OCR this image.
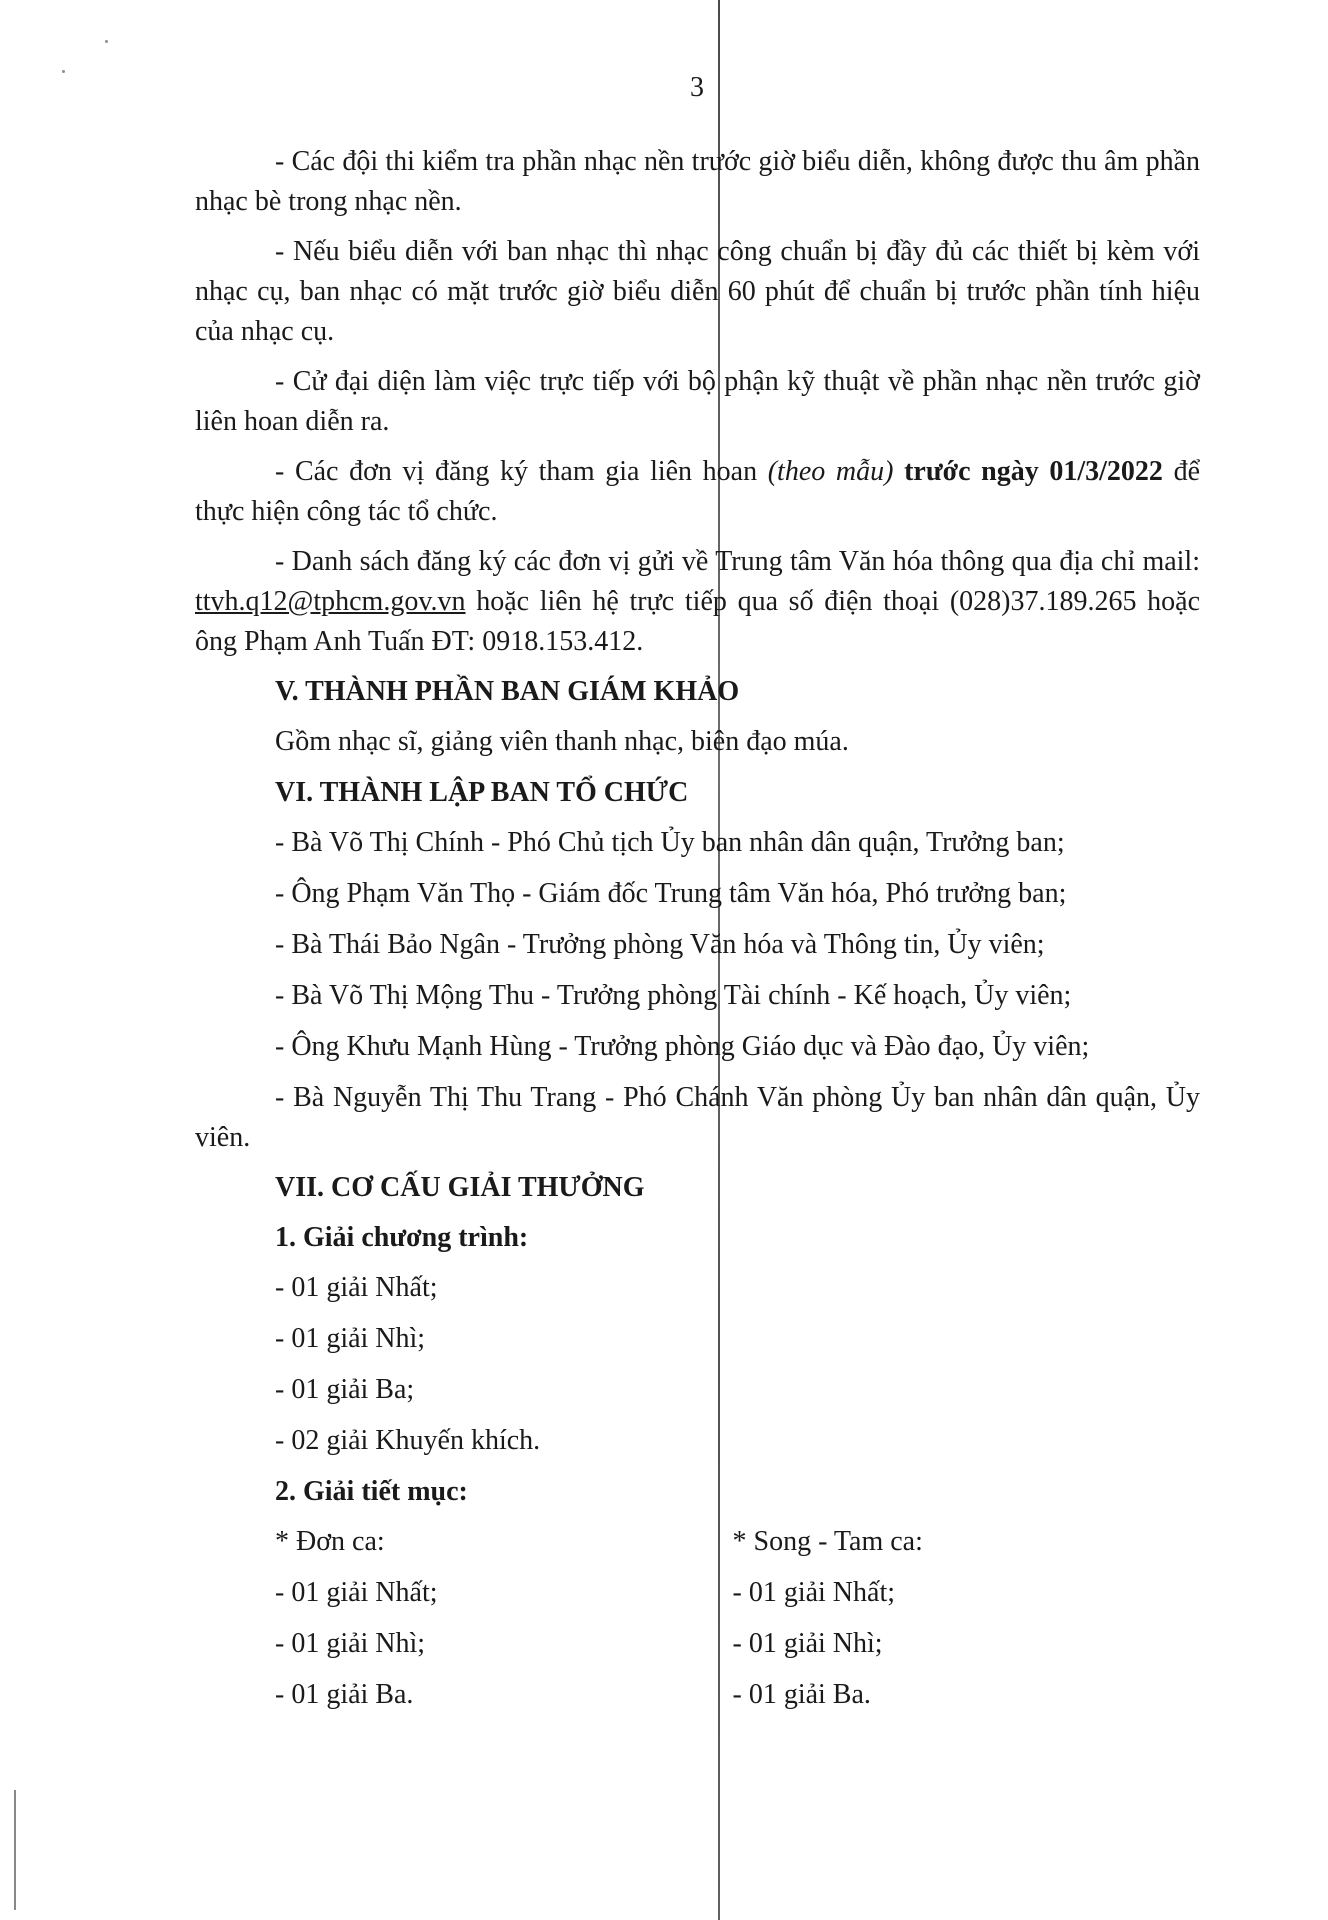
3

- Các đội thi kiểm tra phần nhạc nền trước giờ biểu diễn, không được thu âm phần nhạc bè trong nhạc nền.

- Nếu biểu diễn với ban nhạc thì nhạc công chuẩn bị đầy đủ các thiết bị kèm với nhạc cụ, ban nhạc có mặt trước giờ biểu diễn 60 phút để chuẩn bị trước phần tính hiệu của nhạc cụ.

- Cử đại diện làm việc trực tiếp với bộ phận kỹ thuật về phần nhạc nền trước giờ liên hoan diễn ra.

- Các đơn vị đăng ký tham gia liên hoan (theo mẫu) trước ngày 01/3/2022 để thực hiện công tác tổ chức.

- Danh sách đăng ký các đơn vị gửi về Trung tâm Văn hóa thông qua địa chỉ mail: ttvh.q12@tphcm.gov.vn hoặc liên hệ trực tiếp qua số điện thoại (028)37.189.265 hoặc ông Phạm Anh Tuấn ĐT: 0918.153.412.

V. THÀNH PHẦN BAN GIÁM KHẢO
Gồm nhạc sĩ, giảng viên thanh nhạc, biên đạo múa.
VI. THÀNH LẬP BAN TỔ CHỨC
- Bà Võ Thị Chính - Phó Chủ tịch Ủy ban nhân dân quận, Trưởng ban;
- Ông Phạm Văn Thọ - Giám đốc Trung tâm Văn hóa, Phó trưởng ban;
- Bà Thái Bảo Ngân - Trưởng phòng Văn hóa và Thông tin, Ủy viên;
- Bà Võ Thị Mộng Thu - Trưởng phòng Tài chính - Kế hoạch, Ủy viên;
- Ông Khưu Mạnh Hùng - Trưởng phòng Giáo dục và Đào đạo, Ủy viên;

- Bà Nguyễn Thị Thu Trang - Phó Chánh Văn phòng Ủy ban nhân dân quận, Ủy viên.

VII. CƠ CẤU GIẢI THƯỞNG
1. Giải chương trình:
- 01 giải Nhất;
- 01 giải Nhì;
- 01 giải Ba;
- 02 giải Khuyến khích.
2. Giải tiết mục:
* Đơn ca:
- 01 giải Nhất;
- 01 giải Nhì;
- 01 giải Ba.
* Song - Tam ca:
- 01 giải Nhất;
- 01 giải Nhì;
- 01 giải Ba.
